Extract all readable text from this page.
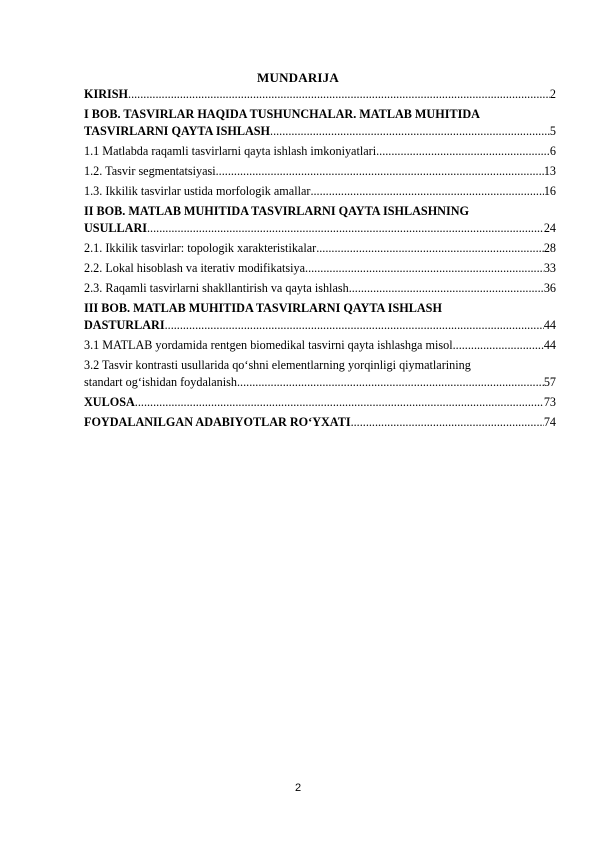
MUNDARIJA
KIRISH .....	2
I BOB. TASVIRLAR HAQIDA TUSHUNCHALAR. MATLAB MUHITIDA
TASVIRLARNI QAYTA ISHLASH .....	5
1.1 Matlabda raqamli tasvirlarni qayta ishlash imkoniyatlari .....	6
1.2. Tasvir segmentatsiyasi .....	13
1.3. Ikkilik tasvirlar ustida morfologik amallar .....	16
II BOB. MATLAB MUHITIDA TASVIRLARNI QAYTA ISHLASHNING
USULLARI .....	24
2.1. Ikkilik tasvirlar: topologik xarakteristikalar .....	28
2.2. Lokal hisoblash va iterativ modifikatsiya .....	33
2.3. Raqamli tasvirlarni shakllantirish va qayta ishlash .....	36
III BOB. MATLAB MUHITIDA TASVIRLARNI QAYTA ISHLASH
DASTURLARI .....	44
3.1 MATLAB yordamida rentgen biomedikal tasvirni qayta ishlashga misol .....	44
3.2 Tasvir kontrasti usullarida qo‘shni elementlarning yorqinligi qiymatlarining
standart og‘ishidan foydalanish .....	57
XULOSA .....	73
FOYDALANILGAN ADABIYOTLAR RO‘YXATI .....	74
2
